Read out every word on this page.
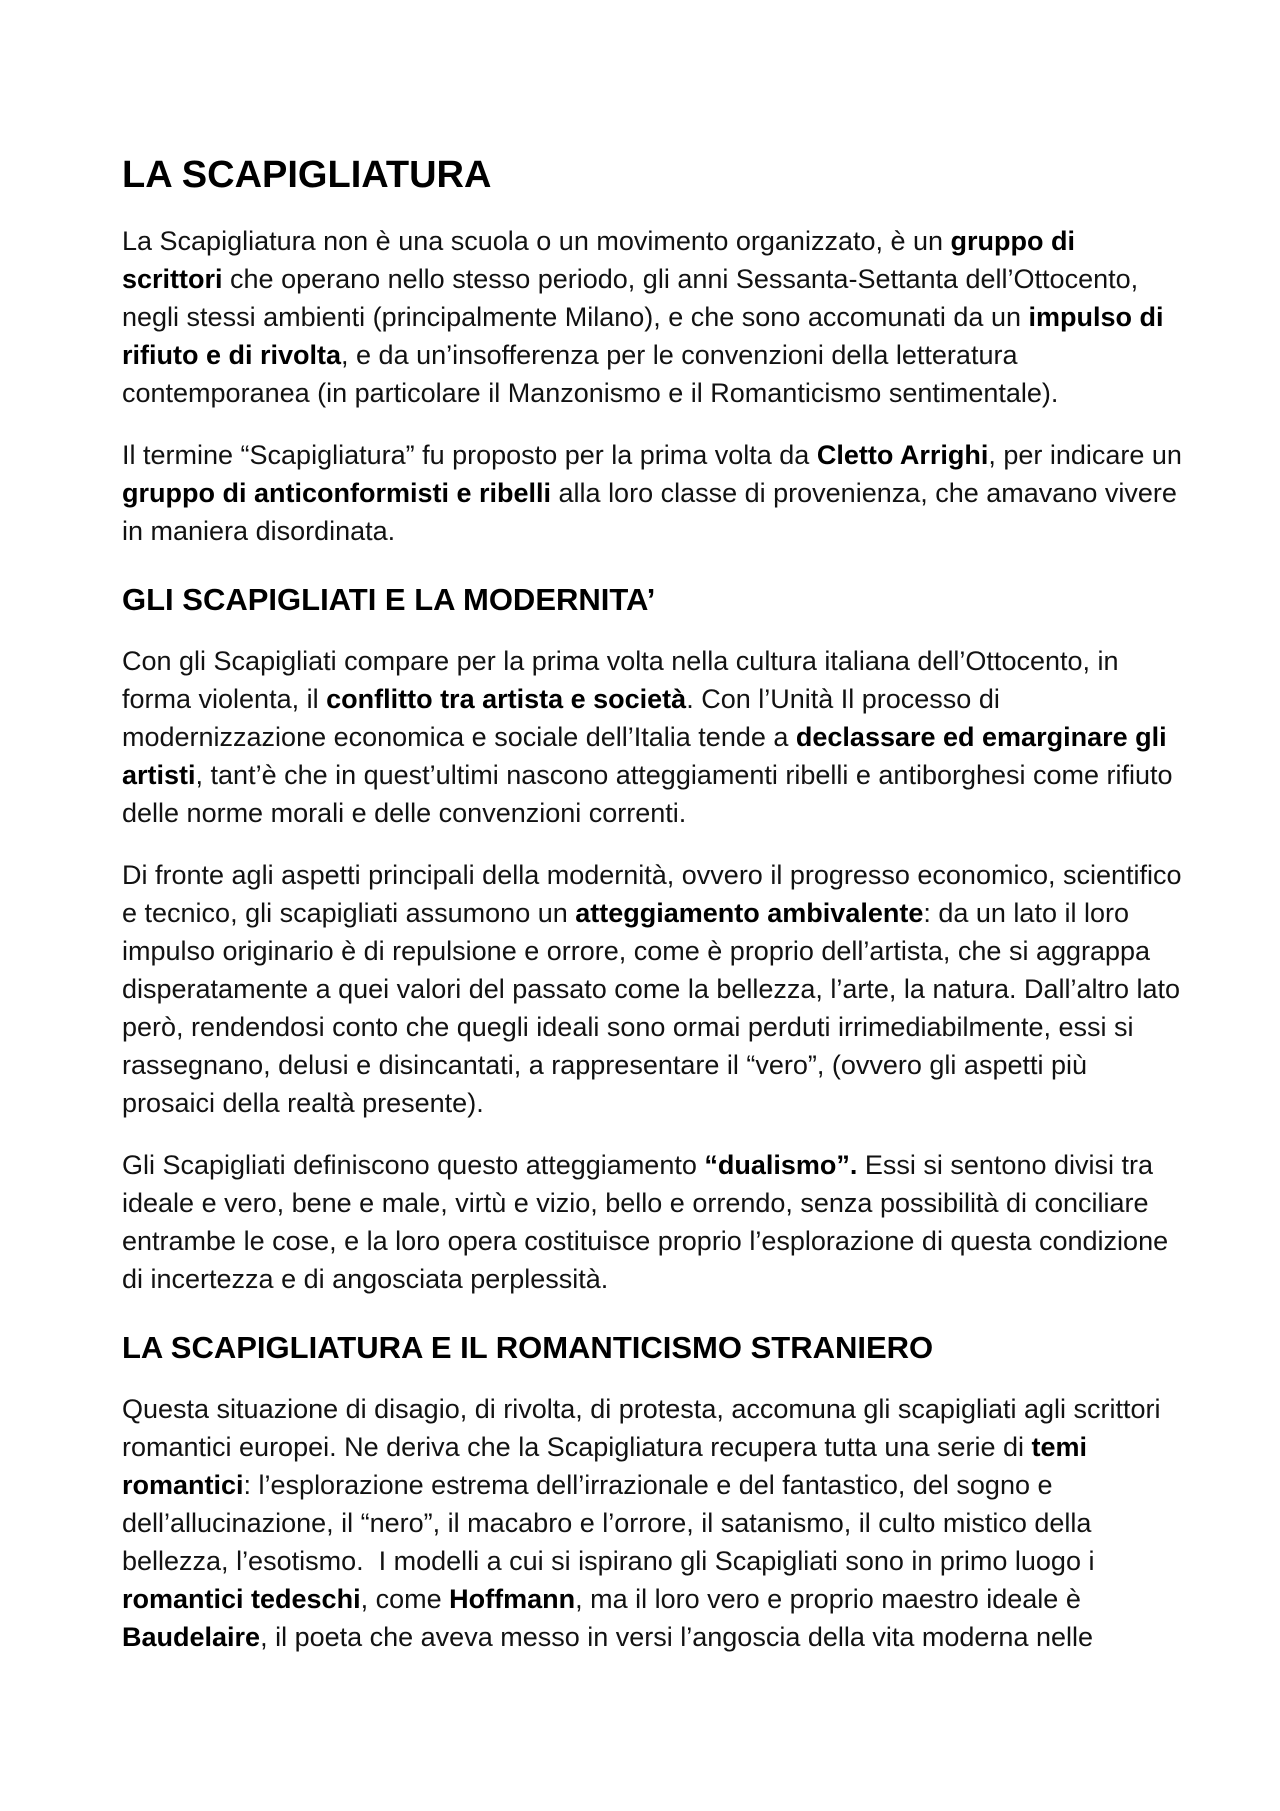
LA SCAPIGLIATURA

La Scapigliatura non è una scuola o un movimento organizzato, è un gruppo di scrittori che operano nello stesso periodo, gli anni Sessanta-Settanta dell’Ottocento, negli stessi ambienti (principalmente Milano), e che sono accomunati da un impulso di rifiuto e di rivolta, e da un’insofferenza per le convenzioni della letteratura contemporanea (in particolare il Manzonismo e il Romanticismo sentimentale).

Il termine “Scapigliatura” fu proposto per la prima volta da Cletto Arrighi, per indicare un gruppo di anticonformisti e ribelli alla loro classe di provenienza, che amavano vivere in maniera disordinata.

GLI SCAPIGLIATI E LA MODERNITA’

Con gli Scapigliati compare per la prima volta nella cultura italiana dell’Ottocento, in forma violenta, il conflitto tra artista e società. Con l’Unità Il processo di modernizzazione economica e sociale dell’Italia tende a declassare ed emarginare gli artisti, tant’è che in quest’ultimi nascono atteggiamenti ribelli e antiborghesi come rifiuto delle norme morali e delle convenzioni correnti.

Di fronte agli aspetti principali della modernità, ovvero il progresso economico, scientifico e tecnico, gli scapigliati assumono un atteggiamento ambivalente: da un lato il loro impulso originario è di repulsione e orrore, come è proprio dell’artista, che si aggrappa disperatamente a quei valori del passato come la bellezza, l’arte, la natura. Dall’altro lato però, rendendosi conto che quegli ideali sono ormai perduti irrimediabilmente, essi si rassegnano, delusi e disincantati, a rappresentare il “vero”, (ovvero gli aspetti più prosaici della realtà presente).

Gli Scapigliati definiscono questo atteggiamento “dualismo”. Essi si sentono divisi tra ideale e vero, bene e male, virtù e vizio, bello e orrendo, senza possibilità di conciliare entrambe le cose, e la loro opera costituisce proprio l’esplorazione di questa condizione di incertezza e di angosciata perplessità.

LA SCAPIGLIATURA E IL ROMANTICISMO STRANIERO

Questa situazione di disagio, di rivolta, di protesta, accomuna gli scapigliati agli scrittori romantici europei. Ne deriva che la Scapigliatura recupera tutta una serie di temi romantici: l’esplorazione estrema dell’irrazionale e del fantastico, del sogno e dell’allucinazione, il “nero”, il macabro e l’orrore, il satanismo, il culto mistico della bellezza, l’esotismo.  I modelli a cui si ispirano gli Scapigliati sono in primo luogo i romantici tedeschi, come Hoffmann, ma il loro vero e proprio maestro ideale è Baudelaire, il poeta che aveva messo in versi l’angoscia della vita moderna nelle
